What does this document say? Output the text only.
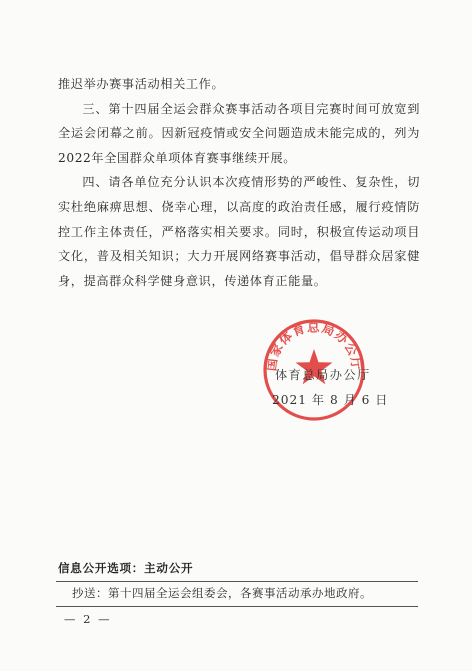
推迟举办赛事活动相关工作。

三、第十四届全运会群众赛事活动各项目完赛时间可放宽到全运会闭幕之前。因新冠疫情或安全问题造成未能完成的，列为2022年全国群众单项体育赛事继续开展。

四、请各单位充分认识本次疫情形势的严峻性、复杂性，切实杜绝麻痹思想、侥幸心理，以高度的政治责任感，履行疫情防控工作主体责任，严格落实相关要求。同时，积极宣传运动项目文化，普及相关知识；大力开展网络赛事活动，倡导群众居家健身，提高群众科学健身意识，传递体育正能量。

国家体育总局办公厅
体育总局办公厅
2021 年 8 月 6 日
信息公开选项：主动公开
抄送：第十四届全运会组委会，各赛事活动承办地政府。
— 2 —
